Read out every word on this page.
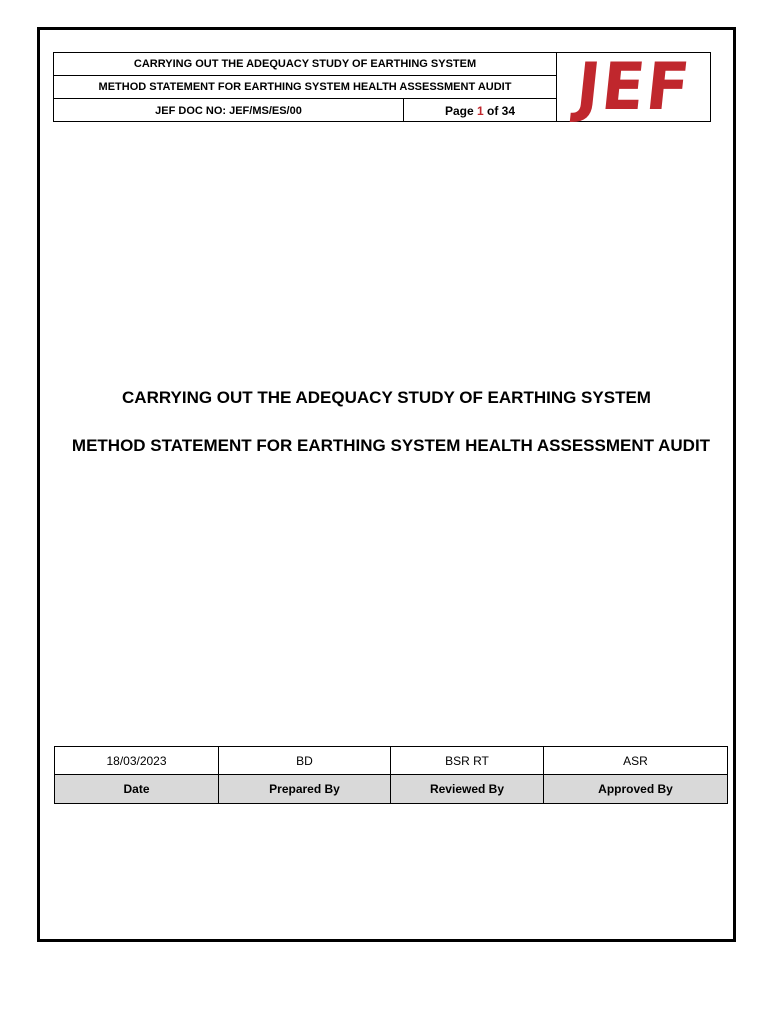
CARRYING OUT THE ADEQUACY STUDY OF EARTHING SYSTEM
METHOD STATEMENT FOR EARTHING SYSTEM HEALTH ASSESSMENT AUDIT
JEF DOC NO: JEF/MS/ES/00	Page 1 of 34 JEF
CARRYING OUT THE ADEQUACY STUDY OF EARTHING SYSTEM
METHOD STATEMENT FOR EARTHING SYSTEM HEALTH ASSESSMENT AUDIT
18/03/2023	BD	BSR RT	ASR
Date	Prepared By	Reviewed By	Approved By
